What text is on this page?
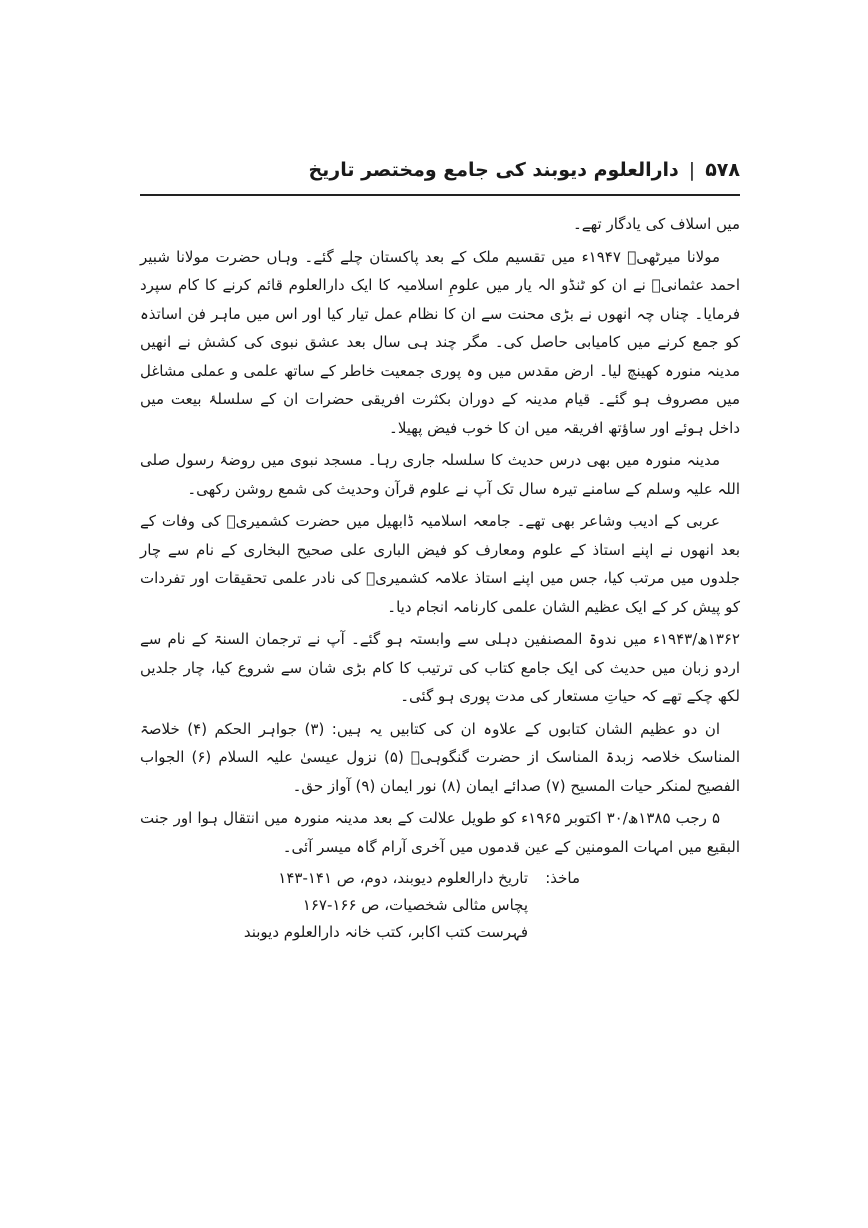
۵۷۸
|
دارالعلوم دیوبند کی جامع ومختصر تاریخ

میں اسلاف کی یادگار تھے۔

مولانا میرٹھیؒ ۱۹۴۷ء میں تقسیم ملک کے بعد پاکستان چلے گئے۔ وہاں حضرت مولانا شبیر احمد عثمانیؒ نے ان کو ٹنڈو الہ یار میں علومِ اسلامیہ کا ایک دارالعلوم قائم کرنے کا کام سپرد فرمایا۔ چناں چہ انھوں نے بڑی محنت سے ان کا نظام عمل تیار کیا اور اس میں ماہر فن اساتذہ کو جمع کرنے میں کامیابی حاصل کی۔ مگر چند ہی سال بعد عشق نبوی کی کشش نے انھیں مدینہ منورہ کھینچ لیا۔ ارض مقدس میں وہ پوری جمعیت خاطر کے ساتھ علمی و عملی مشاغل میں مصروف ہو گئے۔ قیام مدینہ کے دوران بکثرت افریقی حضرات ان کے سلسلۂ بیعت میں داخل ہوئے اور ساؤتھ افریقہ میں ان کا خوب فیض پھیلا۔

مدینہ منورہ میں بھی درس حدیث کا سلسلہ جاری رہا۔ مسجد نبوی میں روضۂ رسول صلی اللہ علیہ وسلم کے سامنے تیرہ سال تک آپ نے علوم قرآن وحدیث کی شمع روشن رکھی۔

عربی کے ادیب وشاعر بھی تھے۔ جامعہ اسلامیہ ڈابھیل میں حضرت کشمیریؒ کی وفات کے بعد انھوں نے اپنے استاذ کے علوم ومعارف کو فیض الباری علی صحیح البخاری کے نام سے چار جلدوں میں مرتب کیا، جس میں اپنے استاذ علامہ کشمیریؒ کی نادر علمی تحقیقات اور تفردات کو پیش کر کے ایک عظیم الشان علمی کارنامہ انجام دیا۔

۱۳۶۲ھ/۱۹۴۳ء میں ندوۃ المصنفین دہلی سے وابستہ ہو گئے۔ آپ نے ترجمان السنۃ کے نام سے اردو زبان میں حدیث کی ایک جامع کتاب کی ترتیب کا کام بڑی شان سے شروع کیا، چار جلدیں لکھ چکے تھے کہ حیاتِ مستعار کی مدت پوری ہو گئی۔

ان دو عظیم الشان کتابوں کے علاوہ ان کی کتابیں یہ ہیں: (۳) جواہر الحکم (۴) خلاصۃ المناسک خلاصہ زبدۃ المناسک از حضرت گنگوہیؒ (۵) نزول عیسیٰ علیہ السلام (۶) الجواب الفصیح لمنکر حیات المسیح (۷) صدائے ایمان (۸) نور ایمان (۹) آواز حق۔

۵ رجب ۱۳۸۵ھ/۳۰ اکتوبر ۱۹۶۵ء کو طویل علالت کے بعد مدینہ منورہ میں انتقال ہوا اور جنت البقیع میں امہات المومنین کے عین قدموں میں آخری آرام گاہ میسر آئی۔

ماخذ:
تاریخ دارالعلوم دیوبند، دوم، ص ۱۴۱-۱۴۳
پچاس مثالی شخصیات، ص ۱۶۶-۱۶۷
فہرست کتب اکابر، کتب خانہ دارالعلوم دیوبند
